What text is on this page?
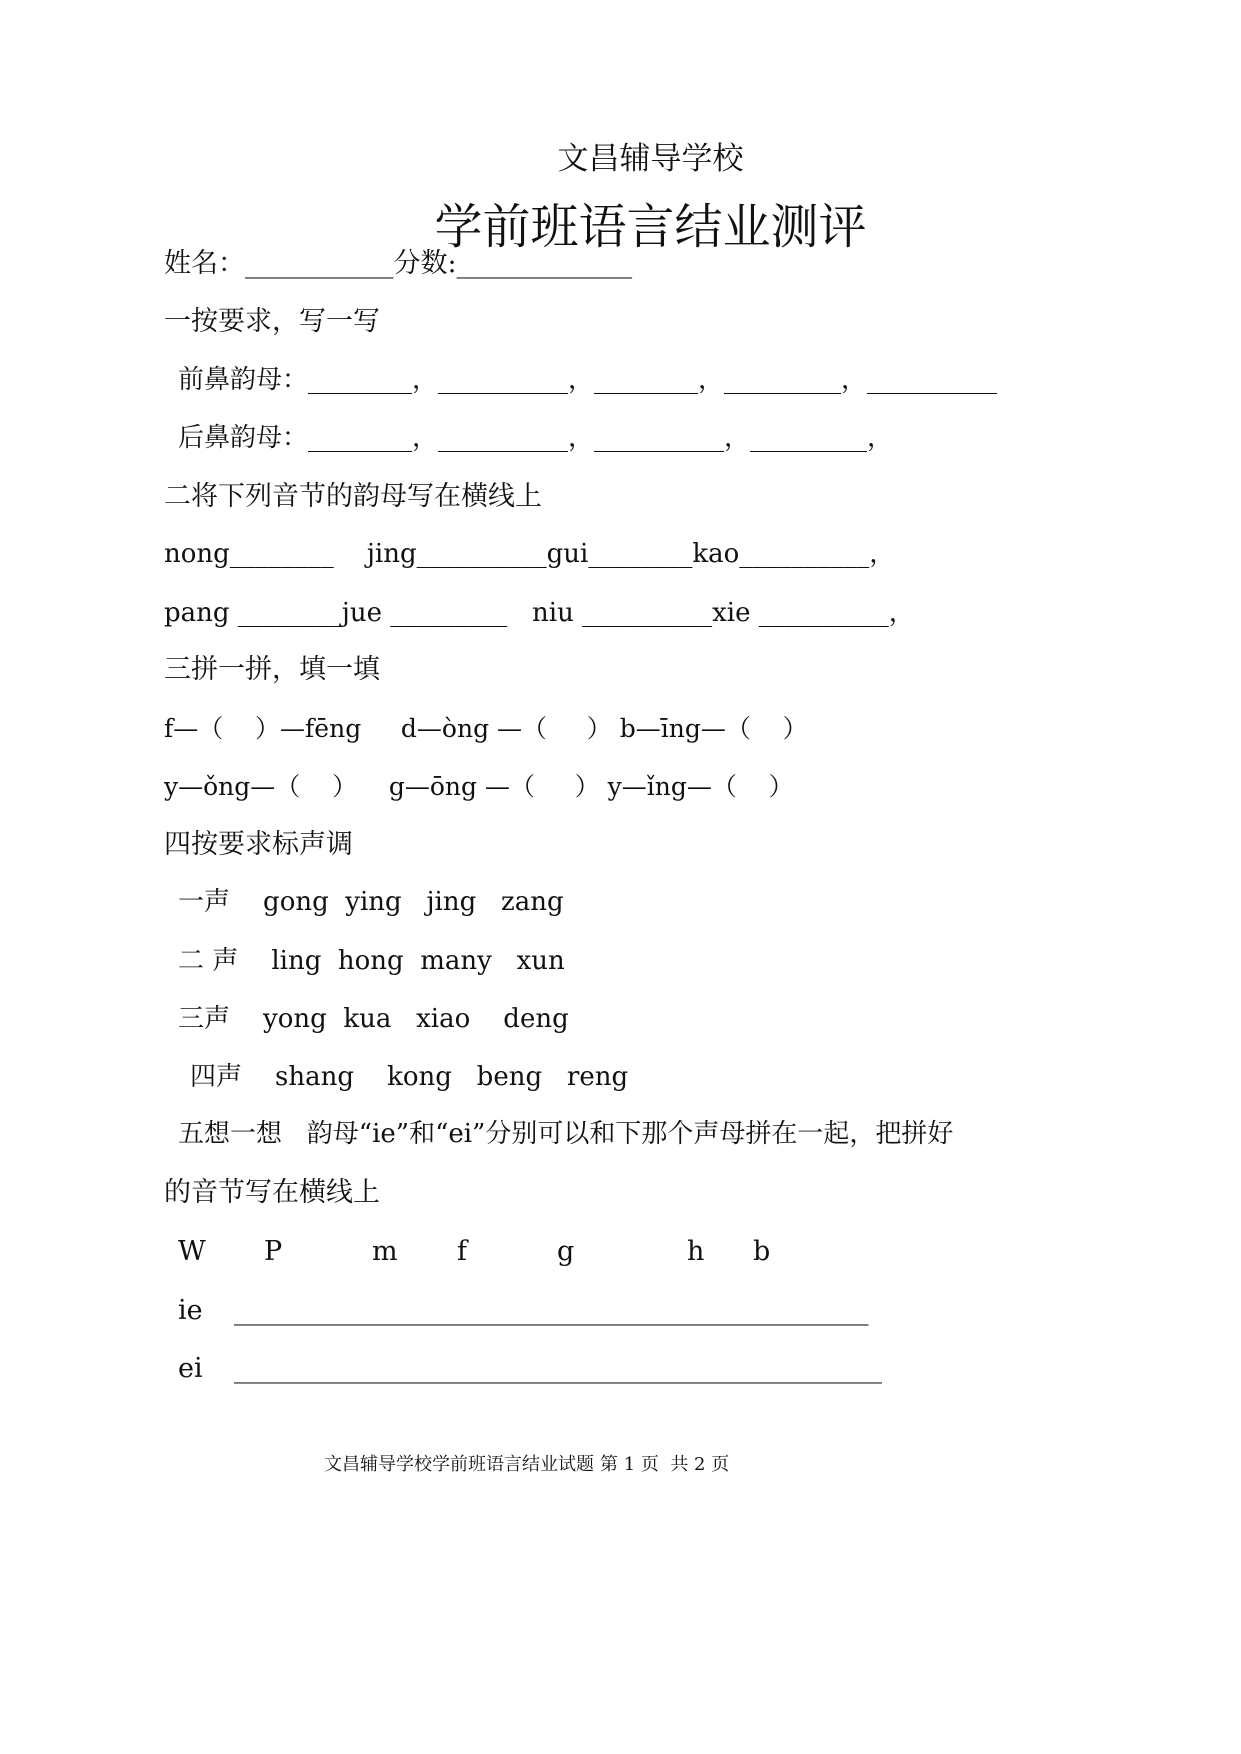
文昌辅导学校
学前班语言结业测评
姓名：___________分数:_____________
一按要求，写一写
前鼻韵母：________，__________，________，_________，__________
后鼻韵母：________，__________，__________，_________，
二将下列音节的韵母写在横线上
nong________    jing__________gui________kao__________，
pang ________jue _________   niu __________xie __________，
三拼一拼，填一填
f—（    ）—fēng     d—òng —（     ） b—īng—（    ）
y—ǒng—（    ）    g—ōng —（     ） y—ǐng—（    ）
四按要求标声调
一声    gong  ying   jing   zang
二 声    ling  hong  many   xun
三声    yong  kua   xiao    deng
四声    shang    kong   beng   reng
五想一想   韵母“ie”和“ei”分别可以和下那个声母拼在一起，把拼好
的音节写在横线上
W P	m f	g	h b
ie _______________________________________________
ei ________________________________________________
文昌辅导学校学前班语言结业试题 第 1 页  共 2 页
